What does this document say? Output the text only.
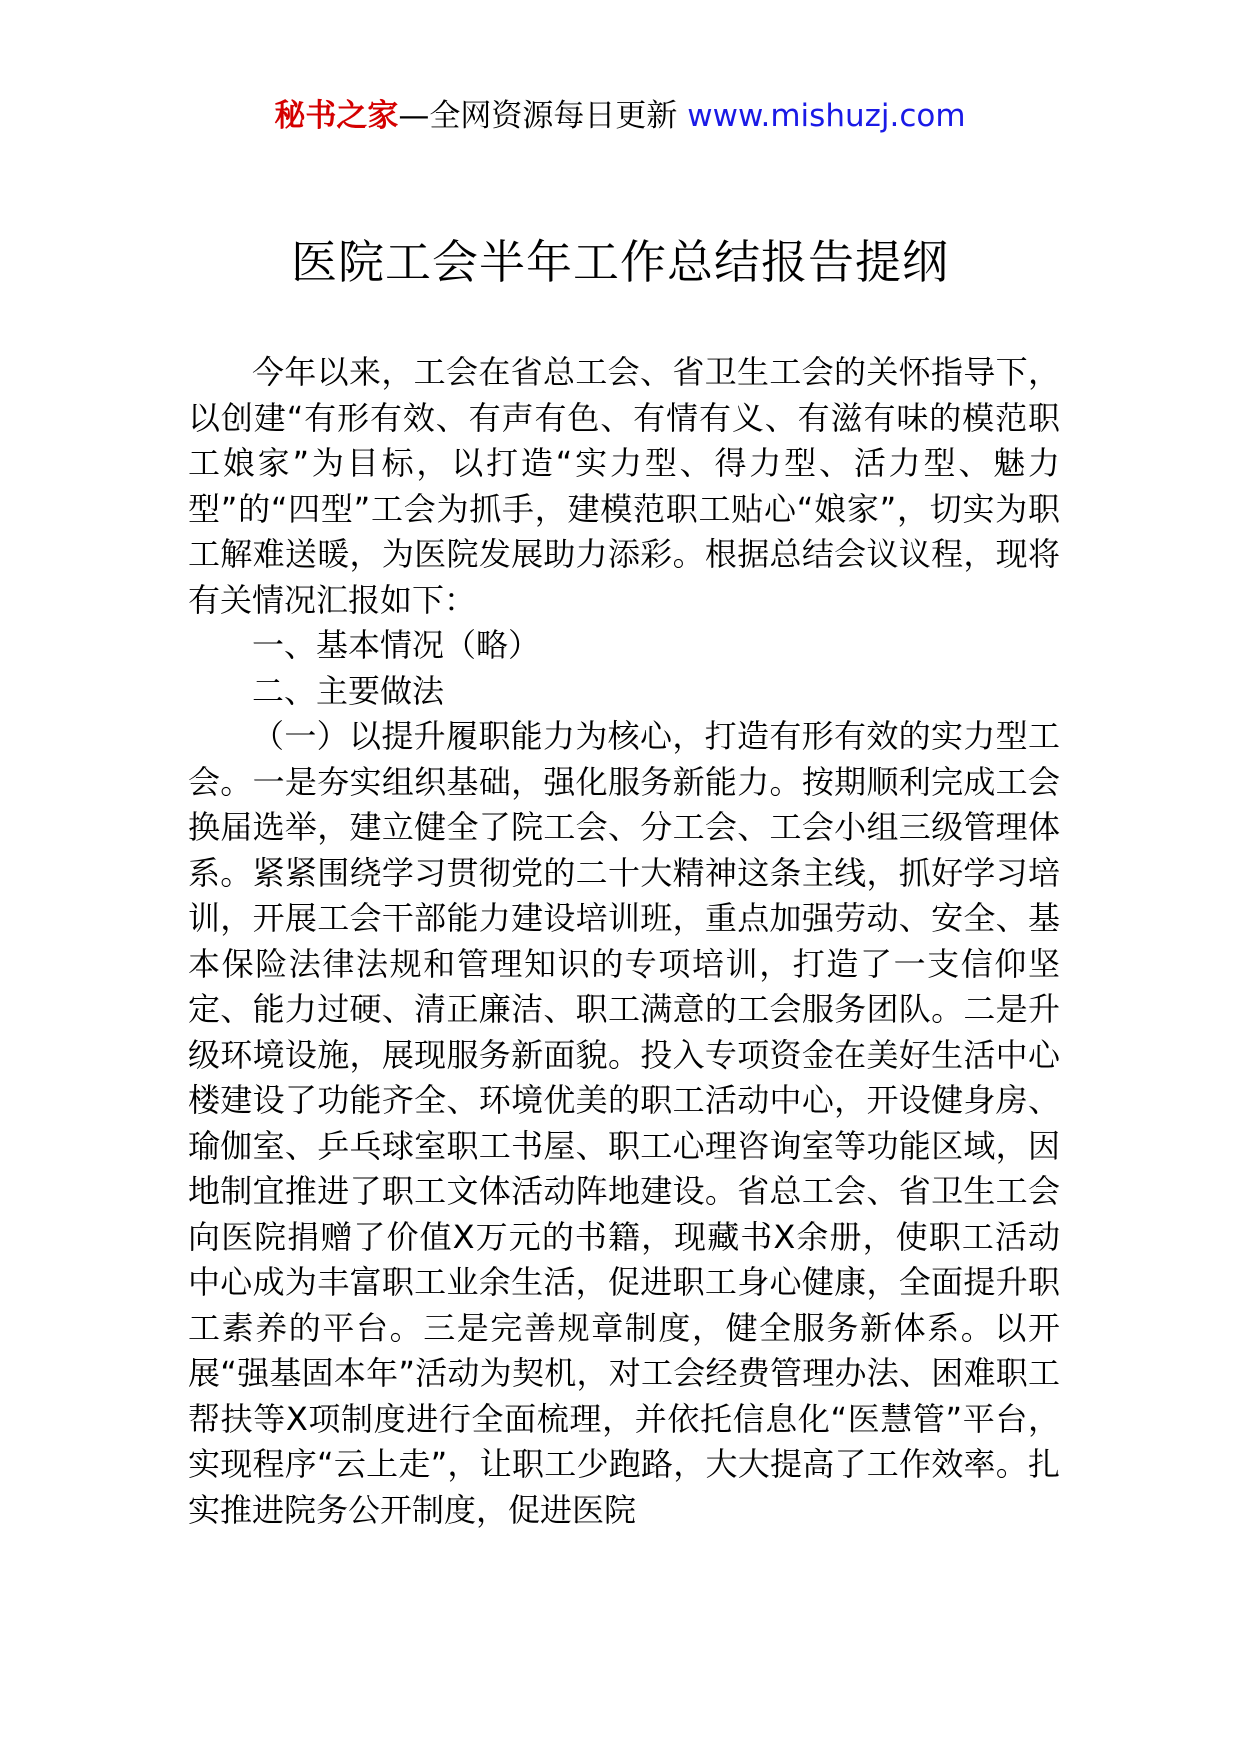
秘书之家—全网资源每日更新 www.mishuzj.com
医院工会半年工作总结报告提纲

今年以来，工会在省总工会、省卫生工会的关怀指导下，以创建“有形有效、有声有色、有情有义、有滋有味的模范职工娘家”为目标，以打造“实力型、得力型、活力型、魅力型”的“四型”工会为抓手，建模范职工贴心“娘家”，切实为职工解难送暖，为医院发展助力添彩。根据总结会议议程，现将有关情况汇报如下：

一、基本情况（略）

二、主要做法

（一）以提升履职能力为核心，打造有形有效的实力型工会。一是夯实组织基础，强化服务新能力。按期顺利完成工会换届选举，建立健全了院工会、分工会、工会小组三级管理体系。紧紧围绕学习贯彻党的二十大精神这条主线，抓好学习培训，开展工会干部能力建设培训班，重点加强劳动、安全、基本保险法律法规和管理知识的专项培训，打造了一支信仰坚定、能力过硬、清正廉洁、职工满意的工会服务团队。二是升级环境设施，展现服务新面貌。投入专项资金在美好生活中心楼建设了功能齐全、环境优美的职工活动中心，开设健身房、瑜伽室、乒乓球室职工书屋、职工心理咨询室等功能区域，因地制宜推进了职工文体活动阵地建设。省总工会、省卫生工会向医院捐赠了价值X万元的书籍，现藏书X余册，使职工活动中心成为丰富职工业余生活，促进职工身心健康，全面提升职工素养的平台。三是完善规章制度，健全服务新体系。以开展“强基固本年”活动为契机，对工会经费管理办法、困难职工帮扶等X项制度进行全面梳理，并依托信息化“医慧管”平台，实现程序“云上走”，让职工少跑路，大大提高了工作效率。扎实推进院务公开制度，促进医院
